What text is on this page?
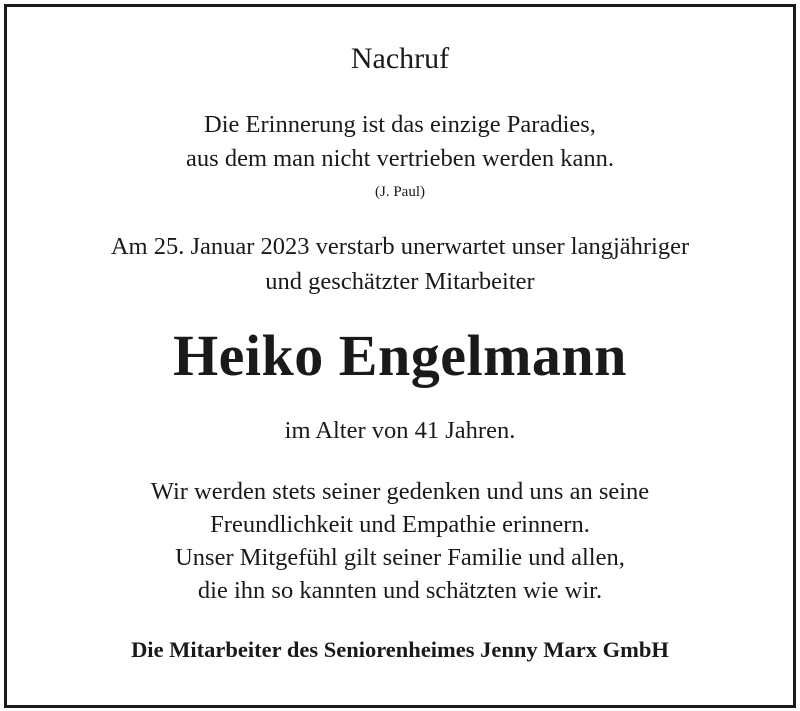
Nachruf
Die Erinnerung ist das einzige Paradies,
aus dem man nicht vertrieben werden kann.
(J. Paul)
Am 25. Januar 2023 verstarb unerwartet unser langjähriger
und geschätzter Mitarbeiter
Heiko Engelmann
im Alter von 41 Jahren.
Wir werden stets seiner gedenken und uns an seine
Freundlichkeit und Empathie erinnern.
Unser Mitgefühl gilt seiner Familie und allen,
die ihn so kannten und schätzten wie wir.
Die Mitarbeiter des Seniorenheimes Jenny Marx GmbH
